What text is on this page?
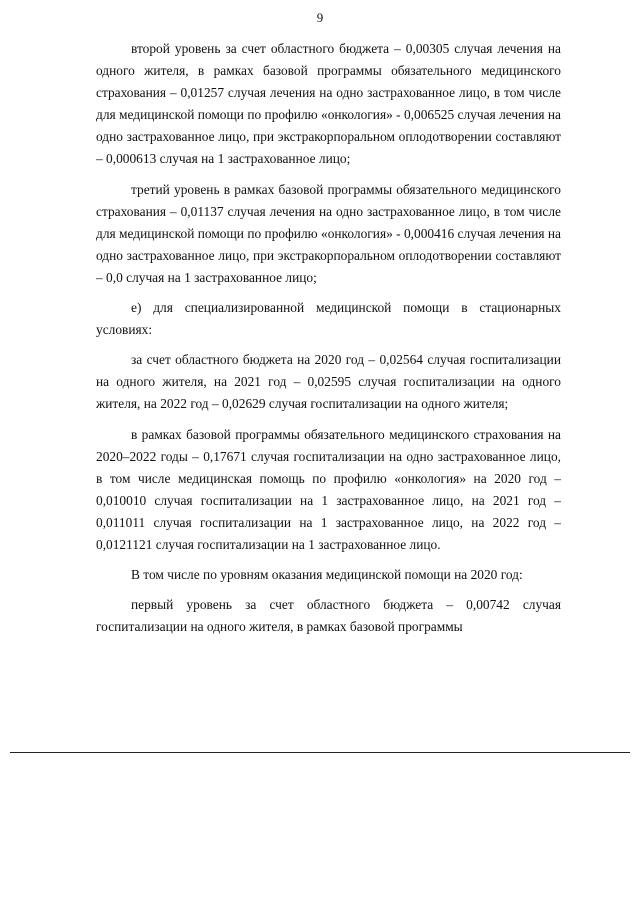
9

второй уровень за счет областного бюджета – 0,00305 случая лечения на одного жителя, в рамках базовой программы обязательного медицинского страхования – 0,01257 случая лечения на одно застрахованное лицо, в том числе для медицинской помощи по профилю «онкология» - 0,006525 случая лечения на одно застрахованное лицо, при экстракорпоральном оплодотворении составляют – 0,000613 случая на 1 застрахованное лицо;

третий уровень в рамках базовой программы обязательного медицинского страхования – 0,01137 случая лечения на одно застрахованное лицо, в том числе для медицинской помощи по профилю «онкология» - 0,000416 случая лечения на одно застрахованное лицо, при экстракорпоральном оплодотворении составляют – 0,0 случая на 1 застрахованное лицо;

е) для специализированной медицинской помощи в стационарных условиях:

за счет областного бюджета на 2020 год – 0,02564 случая госпитализации на одного жителя, на 2021 год – 0,02595 случая госпитализации на одного жителя, на 2022 год – 0,02629 случая госпитализации на одного жителя;

в рамках базовой программы обязательного медицинского страхования на 2020–2022 годы – 0,17671 случая госпитализации на одно застрахованное лицо, в том числе медицинская помощь по профилю «онкология» на 2020 год – 0,010010 случая госпитализации на 1 застрахованное лицо, на 2021 год – 0,011011 случая госпитализации на 1 застрахованное лицо, на 2022 год – 0,0121121 случая госпитализации на 1 застрахованное лицо.

В том числе по уровням оказания медицинской помощи на 2020 год:

первый уровень за счет областного бюджета – 0,00742 случая госпитализации на одного жителя, в рамках базовой программы
